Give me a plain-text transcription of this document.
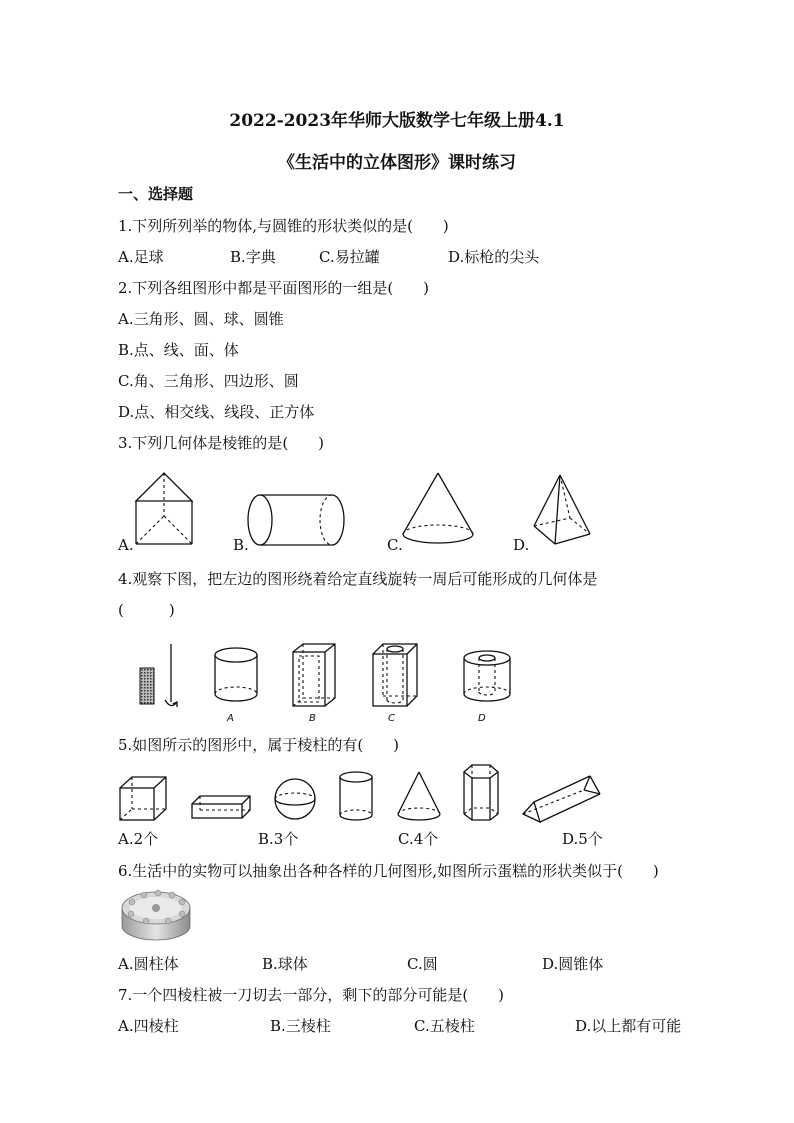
2022-2023年华师大版数学七年级上册4.1
《生活中的立体图形》课时练习
一、选择题
1.下列所列举的物体,与圆锥的形状类似的是(　　)
A.足球	B.字典	C.易拉罐	D.标枪的尖头
2.下列各组图形中都是平面图形的一组是(　　)
A.三角形、圆、球、圆锥
B.点、线、面、体
C.角、三角形、四边形、圆
D.点、相交线、线段、正方体
3.下列几何体是棱锥的是(　　)
A.	B.	C.	D.
4.观察下图，把左边的图形绕着给定直线旋转一周后可能形成的几何体是
(　　　)
A	B	C	D
5.如图所示的图形中，属于棱柱的有(　　)
A.2个	B.3个	C.4个	D.5个
6.生活中的实物可以抽象出各种各样的几何图形,如图所示蛋糕的形状类似于(　　)
A.圆柱体	B.球体	C.圆	D.圆锥体
7.一个四棱柱被一刀切去一部分，剩下的部分可能是(　　)
A.四棱柱	B.三棱柱	C.五棱柱	D.以上都有可能
